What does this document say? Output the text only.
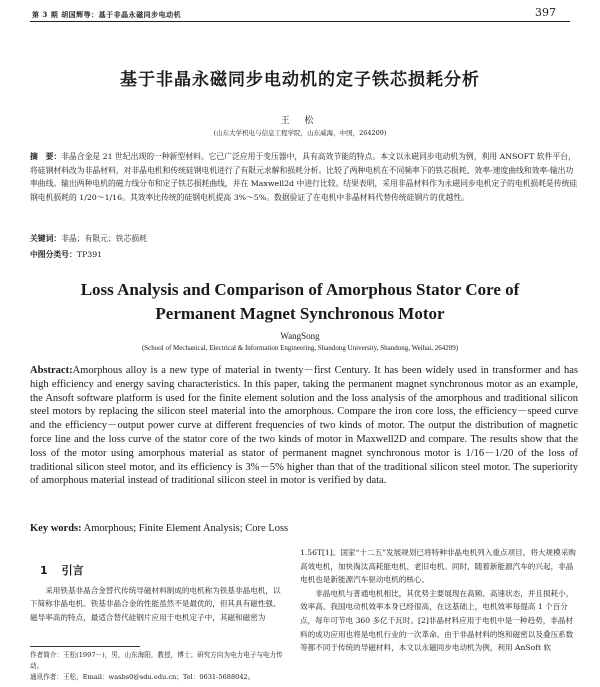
第 3 期 胡国辉等：基于非晶永磁同步电动机	397
基于非晶永磁同步电动机的定子铁芯损耗分析
王 松
(山东大学机电与信息工程学院，山东威海，中国，264209)
摘　要：非晶合金是 21 世纪出现的一种新型材料。它已广泛应用于变压器中，具有高效节能的特点。本文以永磁同步电动机为例，利用 ANSOFT 软件平台，将硅钢材料改为非晶材料，对非晶电机和传统硅钢电机进行了有限元求解和损耗分析。比较了两种电机在不同频率下的铁芯损耗、效率-速度曲线和效率-输出功率曲线。输出两种电机的磁力线分布和定子铁芯损耗曲线，并在 Maxwell2d 中进行比较。结果表明，采用非晶材料作为永磁同步电机定子的电机损耗是传统硅钢电机损耗的 1/20～1/16。其效率比传统的硅钢电机提高 3%～5%。数据验证了在电机中非晶材料代替传统硅钢片的优越性。
关键词：非晶；有限元；铁芯损耗
中图分类号：TP391
Loss Analysis and Comparison of Amorphous Stator Core of
Permanent Magnet Synchronous Motor
WangSong
(School of Mechanical, Electrical & Information Engineering, Shandong University, Shandong, Weihai, 264209)
Abstract:Amorphous alloy is a new type of material in twenty－first Century. It has been widely used in transformer and has high efficiency and energy saving characteristics. In this paper, taking the permanent magnet synchronous motor as an example, the Ansoft software platform is used for the finite element solution and the loss analysis of the amorphous and traditional silicon steel motors by replacing the silicon steel material into the amorphous. Compare the iron core loss, the efficiency－speed curve and the efficiency－output power curve at different frequencies of two kinds of motor. The output the distribution of magnetic force line and the loss curve of the stator core of the two kinds of motor in Maxwell2D and compare. The results show that the loss of the motor using amorphous material as stator of permanent magnet synchronous motor is 1/16－1/20 of the loss of traditional silicon steel motor, and its efficiency is 3%－5% higher than that of the traditional silicon steel motor. The superiority of amorphous material instead of traditional silicon steel in motor is verified by data.
Key words: Amorphous; Finite Element Analysis; Core Loss
1 引言

采用铁基非晶合金替代传统导磁材料制成的电机称为铁基非晶电机，以下简称非晶电机。铁基非晶合金的性能虽然不是最优的，但其具有磁性强、磁导率高的特点，最适合替代硅钢片应用于电机定子中，其磁和磁密为

1.56T[1]。国家“十二五”发展规划已将特种非晶电机列入重点项目，将大规模采购高效电机，加快淘汰高耗能电机、老旧电机。同时，随着新能源汽车的兴起，非晶电机也是新能源汽车驱动电机的核心。

非晶电机与普通电机相比，其优势主要展现在高频、高速状态，并且损耗小，效率高。我国电动机效率本身已经很高，在这基础上，电机效率每提高 1 个百分点，每年可节电 360 多亿千瓦时。[2]非晶材料应用于电机中是一种趋势，非晶材料的成功应用也将是电机行业的一次革命。由于非晶材料的饱和磁密以及叠压系数等都不同于传统的导磁材料，本文以永磁同步电动机为例，利用 AnSoft 软

作者简介：王松(1997－)，男，山东海阳，教授，博士；研究方向为电力电子与电力传动。
通讯作者：王松，Email：wasbs0@sdu.edu.cn；Tel：0631-5688042。
